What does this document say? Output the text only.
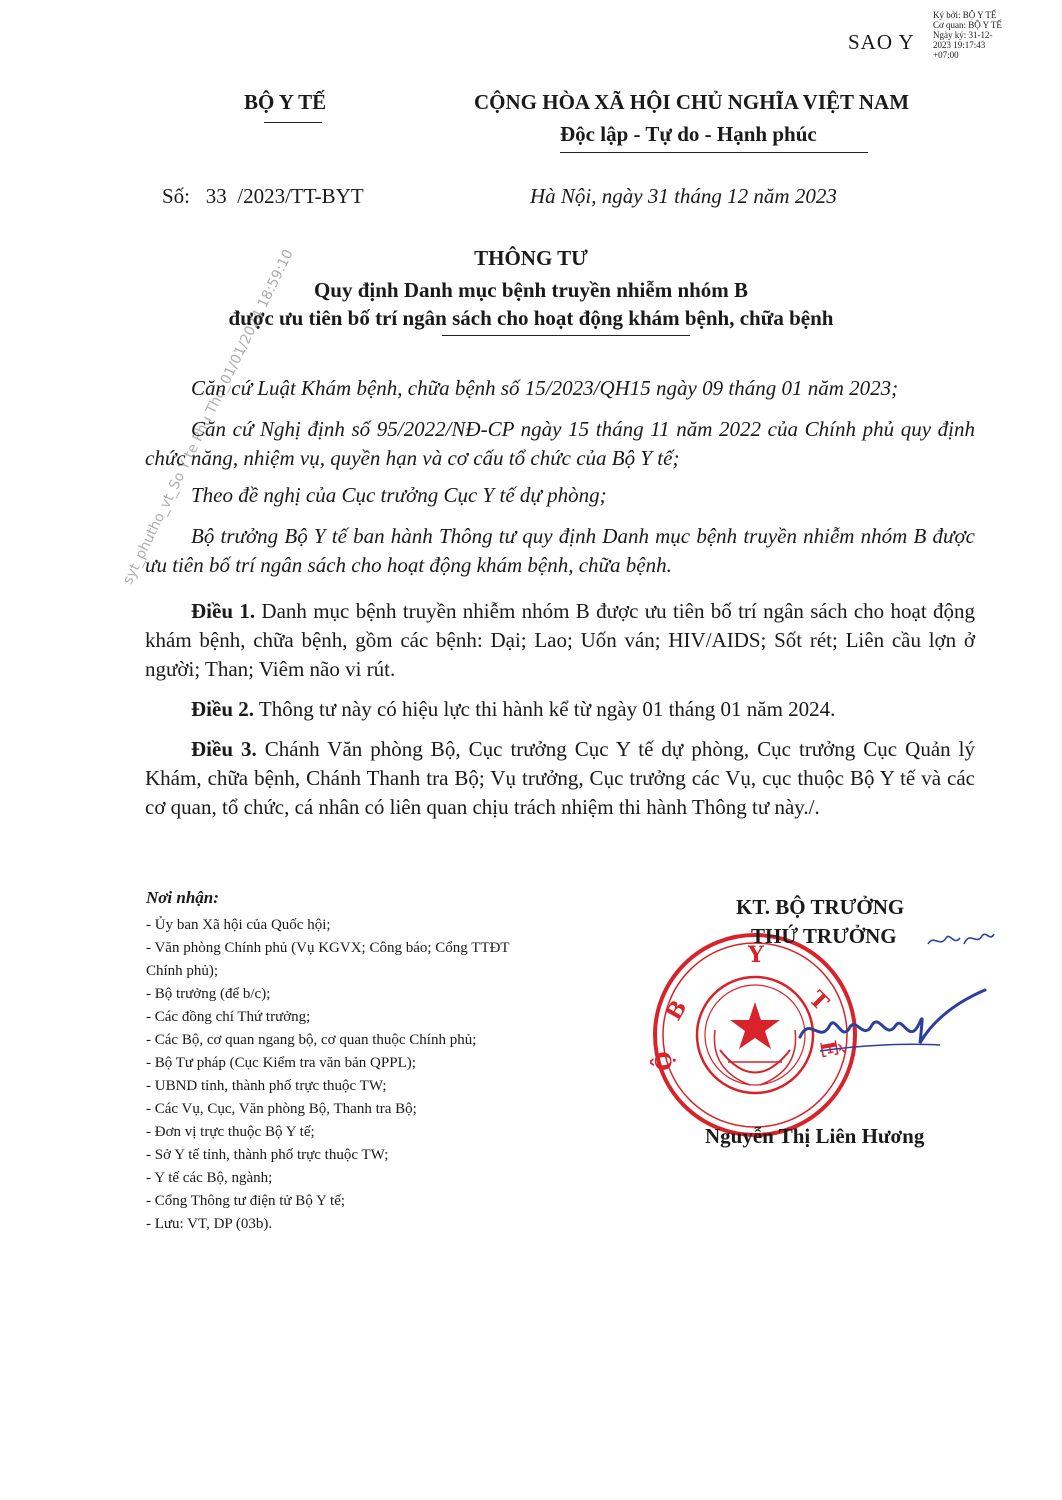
SAO Y
Ký bởi: BỘ Y TẾ
Cơ quan: BỘ Y TẾ
Ngày ký: 31-12-
2023 19:17:43
+07:00
BỘ Y TẾ	CỘNG HÒA XÃ HỘI CHỦ NGHĨA VIỆT NAM
Độc lập - Tự do - Hạnh phúc
Số: 33 /2023/TT-BYT	Hà Nội, ngày 31 tháng 12 năm 2023
syt_phutho_vt_So Y te Phu Tho_01/01/2024 18:59:10	THÔNG TƯ
Quy định Danh mục bệnh truyền nhiễm nhóm B
được ưu tiên bố trí ngân sách cho hoạt động khám bệnh, chữa bệnh
Căn cứ Luật Khám bệnh, chữa bệnh số 15/2023/QH15 ngày 09 tháng 01 năm 2023;
Căn cứ Nghị định số 95/2022/NĐ-CP ngày 15 tháng 11 năm 2022 của Chính phủ quy định chức năng, nhiệm vụ, quyền hạn và cơ cấu tổ chức của Bộ Y tế;
Theo đề nghị của Cục trưởng Cục Y tế dự phòng;
Bộ trưởng Bộ Y tế ban hành Thông tư quy định Danh mục bệnh truyền nhiễm nhóm B được ưu tiên bố trí ngân sách cho hoạt động khám bệnh, chữa bệnh.
Điều 1. Danh mục bệnh truyền nhiễm nhóm B được ưu tiên bố trí ngân sách cho hoạt động khám bệnh, chữa bệnh, gồm các bệnh: Dại; Lao; Uốn ván; HIV/AIDS; Sốt rét; Liên cầu lợn ở người; Than; Viêm não vi rút.
Điều 2. Thông tư này có hiệu lực thi hành kể từ ngày 01 tháng 01 năm 2024.
Điều 3. Chánh Văn phòng Bộ, Cục trưởng Cục Y tế dự phòng, Cục trưởng Cục Quản lý Khám, chữa bệnh, Chánh Thanh tra Bộ; Vụ trưởng, Cục trưởng các Vụ, cục thuộc Bộ Y tế và các cơ quan, tổ chức, cá nhân có liên quan chịu trách nhiệm thi hành Thông tư này./.
Nơi nhận:
- Ủy ban Xã hội của Quốc hội;
- Văn phòng Chính phủ (Vụ KGVX; Công báo; Cổng TTĐT
Chính phủ);
- Bộ trưởng (để b/c);
- Các đồng chí Thứ trưởng;
- Các Bộ, cơ quan ngang bộ, cơ quan thuộc Chính phủ;
- Bộ Tư pháp (Cục Kiểm tra văn bản QPPL);
- UBND tỉnh, thành phố trực thuộc TW;
- Các Vụ, Cục, Văn phòng Bộ, Thanh tra Bộ;
- Đơn vị trực thuộc Bộ Y tế;
- Sở Y tế tỉnh, thành phố trực thuộc TW;
- Y tế các Bộ, ngành;
- Cổng Thông tư điện tử Bộ Y tế;
- Lưu: VT, DP (03b).
Y
T
Ế
B
Ộ
KT. BỘ TRƯỞNG
THỨ TRƯỞNG
Nguyễn Thị Liên Hương
